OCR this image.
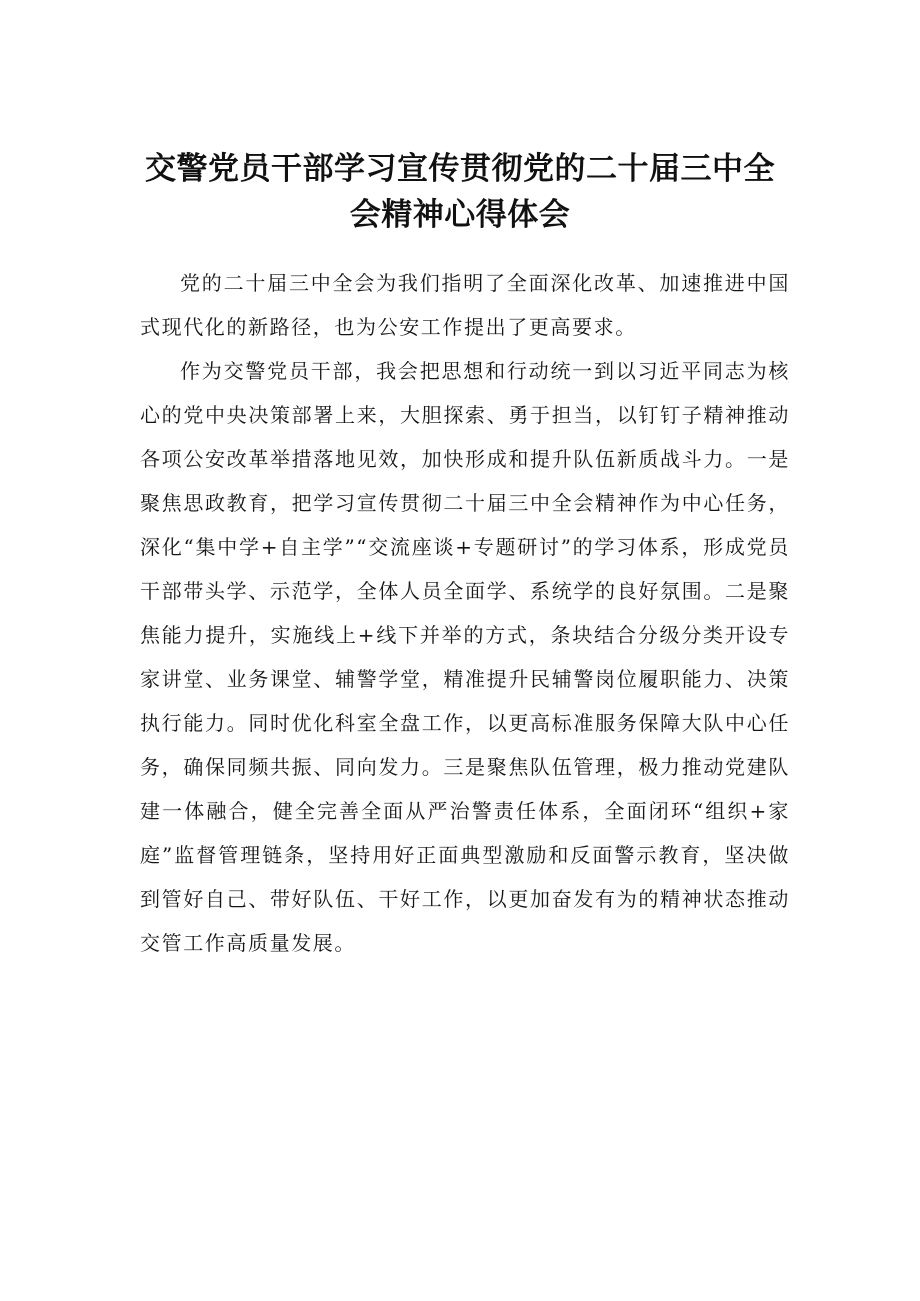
交警党员干部学习宣传贯彻党的二十届三中全
会精神心得体会

党的二十届三中全会为我们指明了全面深化改革、加速推进中国式现代化的新路径，也为公安工作提出了更高要求。

作为交警党员干部，我会把思想和行动统一到以习近平同志为核心的党中央决策部署上来，大胆探索、勇于担当，以钉钉子精神推动各项公安改革举措落地见效，加快形成和提升队伍新质战斗力。一是聚焦思政教育，把学习宣传贯彻二十届三中全会精神作为中心任务，深化“集中学+自主学”“交流座谈+专题研讨”的学习体系，形成党员干部带头学、示范学，全体人员全面学、系统学的良好氛围。二是聚焦能力提升，实施线上+线下并举的方式，条块结合分级分类开设专家讲堂、业务课堂、辅警学堂，精准提升民辅警岗位履职能力、决策执行能力。同时优化科室全盘工作，以更高标准服务保障大队中心任务，确保同频共振、同向发力。三是聚焦队伍管理，极力推动党建队建一体融合，健全完善全面从严治警责任体系，全面闭环“组织+家庭”监督管理链条，坚持用好正面典型激励和反面警示教育，坚决做到管好自己、带好队伍、干好工作，以更加奋发有为的精神状态推动交管工作高质量发展。
